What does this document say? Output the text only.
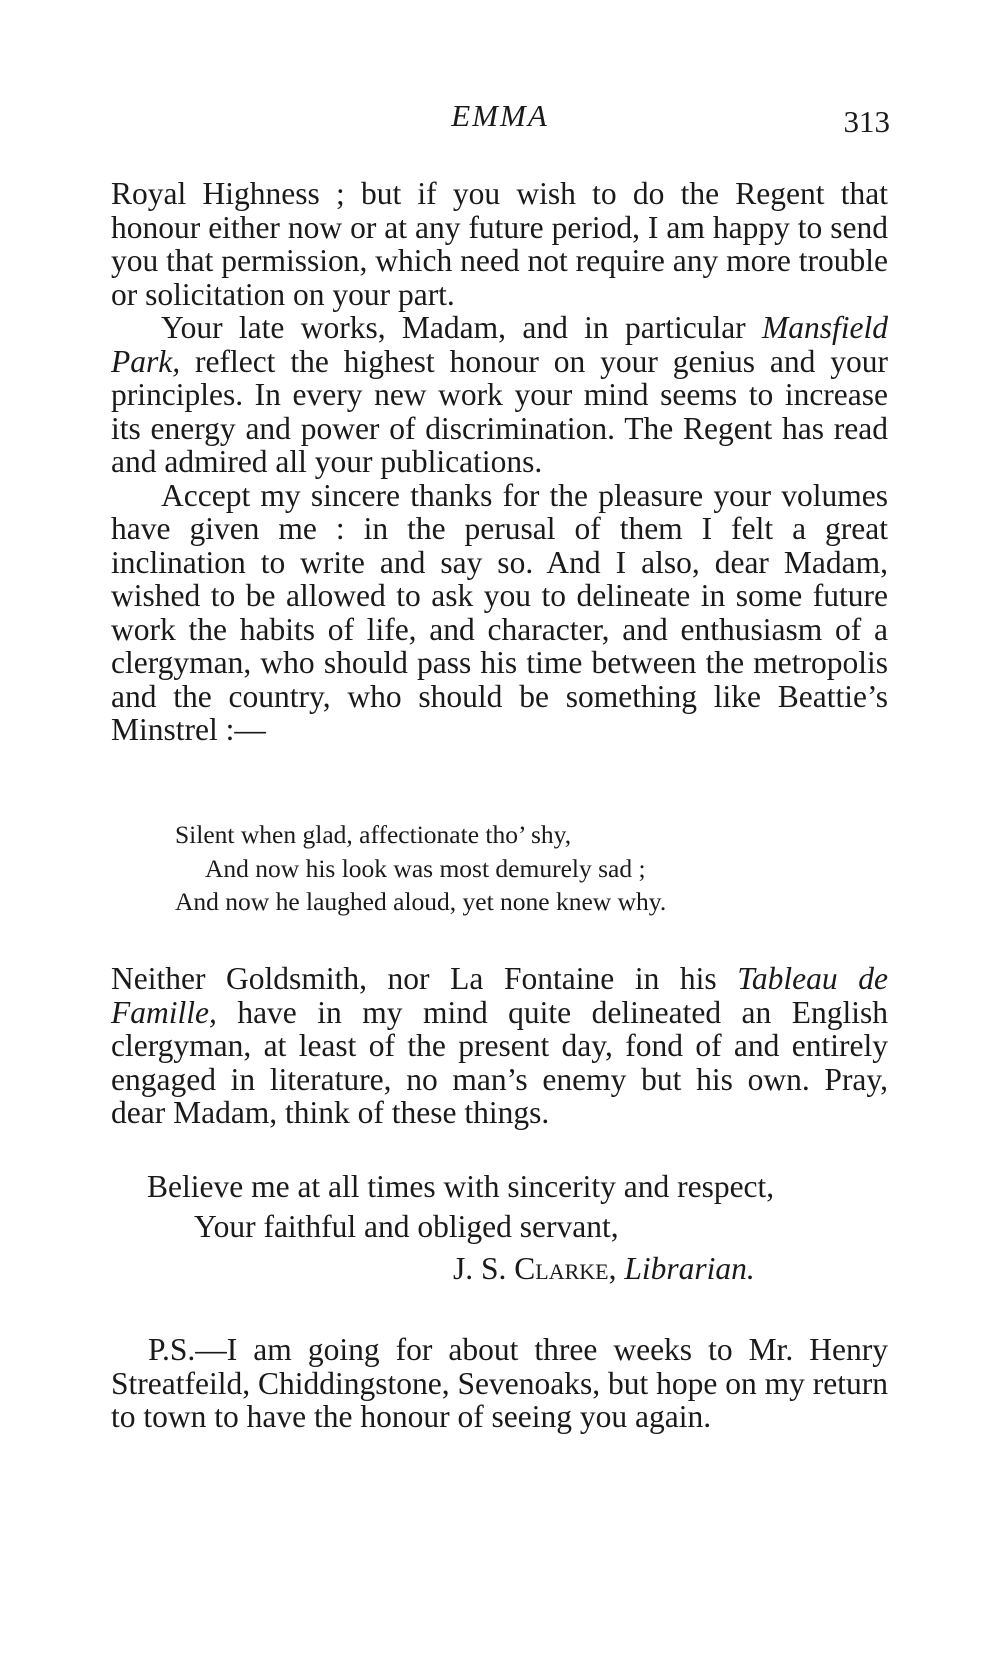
EMMA	313

Royal Highness ; but if you wish to do the Regent that honour either now or at any future period, I am happy to send you that permission, which need not require any more trouble or solicitation on your part.

Your late works, Madam, and in particular Mansfield Park, reflect the highest honour on your genius and your principles. In every new work your mind seems to increase its energy and power of discrimination. The Regent has read and admired all your publications.

Accept my sincere thanks for the pleasure your volumes have given me : in the perusal of them I felt a great inclination to write and say so. And I also, dear Madam, wished to be allowed to ask you to delineate in some future work the habits of life, and character, and enthusiasm of a clergyman, who should pass his time between the metropolis and the country, who should be something like Beattie’s Minstrel :—

Silent when glad, affectionate tho’ shy,
And now his look was most demurely sad ;
And now he laughed aloud, yet none knew why.

Neither Goldsmith, nor La Fontaine in his Tableau de Famille, have in my mind quite delineated an English clergyman, at least of the present day, fond of and entirely engaged in literature, no man’s enemy but his own. Pray, dear Madam, think of these things.

Believe me at all times with sincerity and respect,
Your faithful and obliged servant,
J. S. Clarke, Librarian.

P.S.—I am going for about three weeks to Mr. Henry Streatfeild, Chiddingstone, Sevenoaks, but hope on my return to town to have the honour of seeing you again.
